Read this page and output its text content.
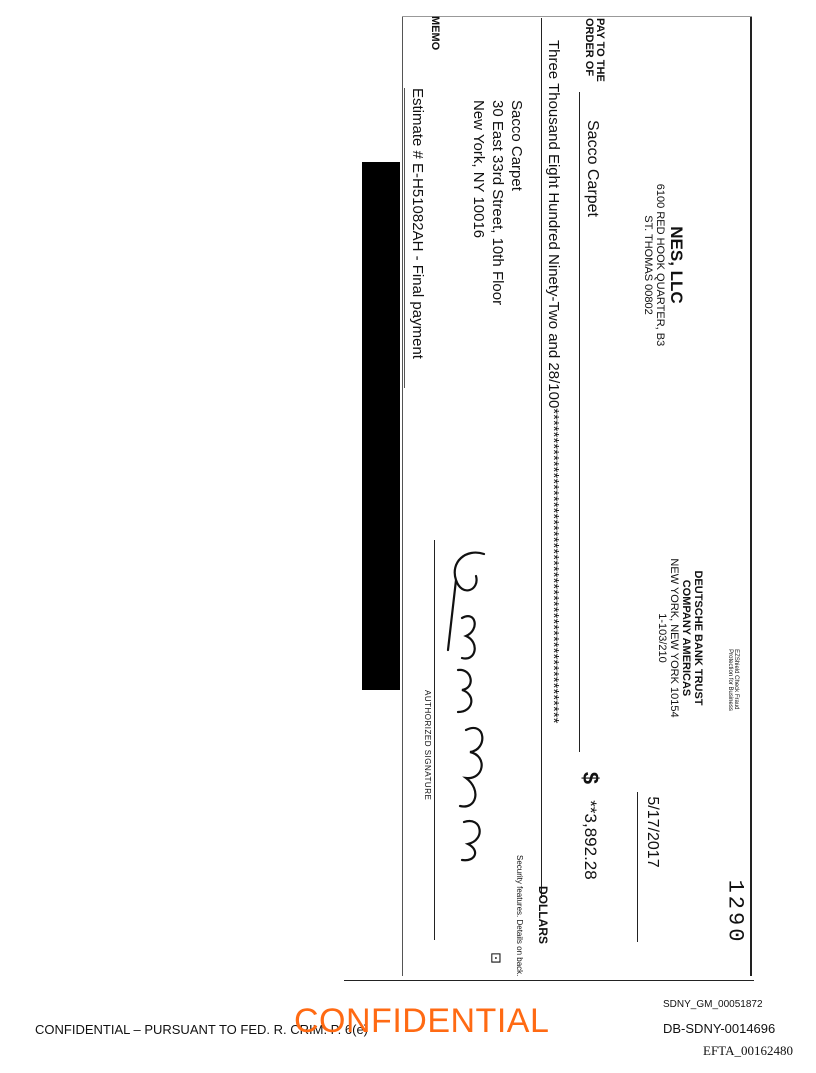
1290
5/17/2017
EZShield Check Fraud
Protection for Business
DEUTSCHE BANK TRUST
COMPANY AMERICAS
NEW YORK, NEW YORK 10154
1-103/210
NES, LLC
6100 RED HOOK QUARTER, B3
ST. THOMAS 00802
PAY TO THE
ORDER OF
Sacco Carpet
$
**3,892.28
Three Thousand Eight Hundred Ninety-Two and 28/100******************************************************
DOLLARS
Sacco Carpet
30 East 33rd Street, 10th Floor
New York, NY 10016
MEMO
Estimate # E-H51082AH - Final payment
AUTHORIZED SIGNATURE
⊡ Security features. Details on back.
CONFIDENTIAL – PURSUANT TO FED. R. CRIM. P. 6(e)
CONFIDENTIAL	SDNY_GM_00051872
DB-SDNY-0014696
EFTA_00162480
